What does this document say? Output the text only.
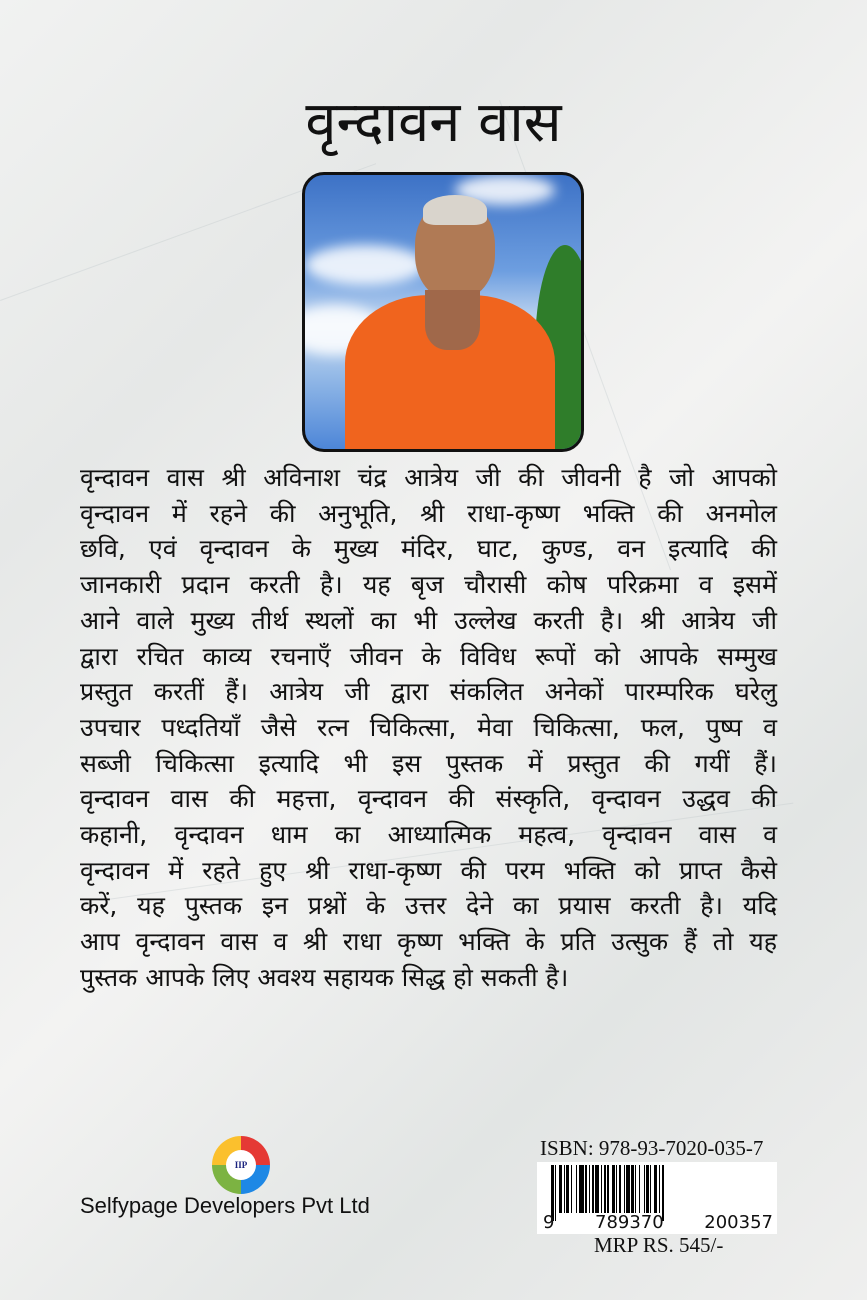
वृन्दावन वास
वृन्दावन वास श्री अविनाश चंद्र आत्रेय जी की जीवनी है जो आपको
वृन्दावन में रहने की अनुभूति, श्री राधा-कृष्ण भक्ति की अनमोल
छवि, एवं वृन्दावन के मुख्य मंदिर, घाट, कुण्ड, वन इत्यादि की
जानकारी प्रदान करती है। यह बृज चौरासी कोष परिक्रमा व इसमें
आने वाले मुख्य तीर्थ स्थलों का भी उल्लेख करती है। श्री आत्रेय जी
द्वारा रचित काव्य रचनाएँ जीवन के विविध रूपों को आपके सम्मुख
प्रस्तुत करतीं हैं। आत्रेय जी द्वारा संकलित अनेकों पारम्परिक घरेलु
उपचार पध्दतियाँ जैसे रत्न चिकित्सा, मेवा चिकित्सा, फल, पुष्प व
सब्जी चिकित्सा इत्यादि भी इस पुस्तक में प्रस्तुत की गयीं हैं।
वृन्दावन वास की महत्ता, वृन्दावन की संस्कृति, वृन्दावन उद्धव की
कहानी, वृन्दावन धाम का आध्यात्मिक महत्व, वृन्दावन वास व
वृन्दावन में रहते हुए श्री राधा-कृष्ण की परम भक्ति को प्राप्त कैसे
करें, यह पुस्तक इन प्रश्नों के उत्तर देने का प्रयास करती है। यदि
आप वृन्दावन वास व श्री राधा कृष्ण भक्ति के प्रति उत्सुक हैं तो यह
पुस्तक आपके लिए अवश्य सहायक सिद्ध हो सकती है।
IIP
Selfypage Developers Pvt Ltd
ISBN: 978-93-7020-035-7
9 789370 200357
MRP RS. 545/-
